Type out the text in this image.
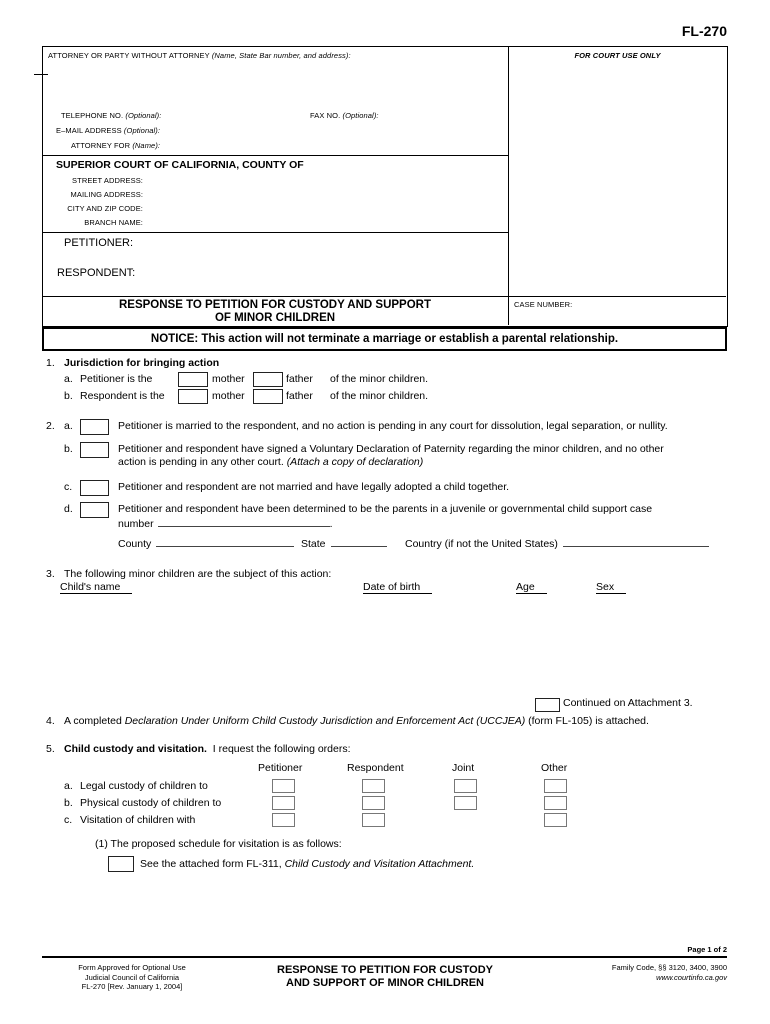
FL-270
ATTORNEY OR PARTY WITHOUT ATTORNEY (Name, State Bar number, and address):
TELEPHONE NO. (Optional):	FAX NO. (Optional):
E–MAIL ADDRESS (Optional):
ATTORNEY FOR (Name):
FOR COURT USE ONLY
SUPERIOR COURT OF CALIFORNIA, COUNTY OF
STREET ADDRESS:
MAILING ADDRESS:
CITY AND ZIP CODE:
BRANCH NAME:
PETITIONER:
RESPONDENT:
RESPONSE TO PETITION FOR CUSTODY AND SUPPORT
OF MINOR CHILDREN
CASE NUMBER:
NOTICE: This action will not terminate a marriage or establish a parental relationship.
1. Jurisdiction for bringing action
a. Petitioner is the	mother	father of the minor children.
b. Respondent is the	mother	father of the minor children.
2. a.	Petitioner is married to the respondent, and no action is pending in any court for dissolution, legal separation, or nullity.
b.	Petitioner and respondent have signed a Voluntary Declaration of Paternity regarding the minor children, and no other
action is pending in any other court. (Attach a copy of declaration)
c.	Petitioner and respondent are not married and have legally adopted a child together.
d.	Petitioner and respondent have been determined to be the parents in a juvenile or governmental child support case
number	.
County	State	Country (if not the United States)
3. The following minor children are the subject of this action:
Child's name	Date of birth	Age	Sex
Continued on Attachment 3.
4. A completed Declaration Under Uniform Child Custody Jurisdiction and Enforcement Act (UCCJEA) (form FL-105) is attached.
5. Child custody and visitation.  I request the following orders:
Petitioner	Respondent	Joint	Other
a. Legal custody of children to
b. Physical custody of children to
c. Visitation of children with
(1) The proposed schedule for visitation is as follows:
See the attached form FL-311, Child Custody and Visitation Attachment.
Page 1 of 2
Form Approved for Optional Use
Judicial Council of California
FL-270 [Rev. January 1, 2004]
RESPONSE TO PETITION FOR CUSTODY
AND SUPPORT OF MINOR CHILDREN
Family Code, §§ 3120, 3400, 3900
www.courtinfo.ca.gov
